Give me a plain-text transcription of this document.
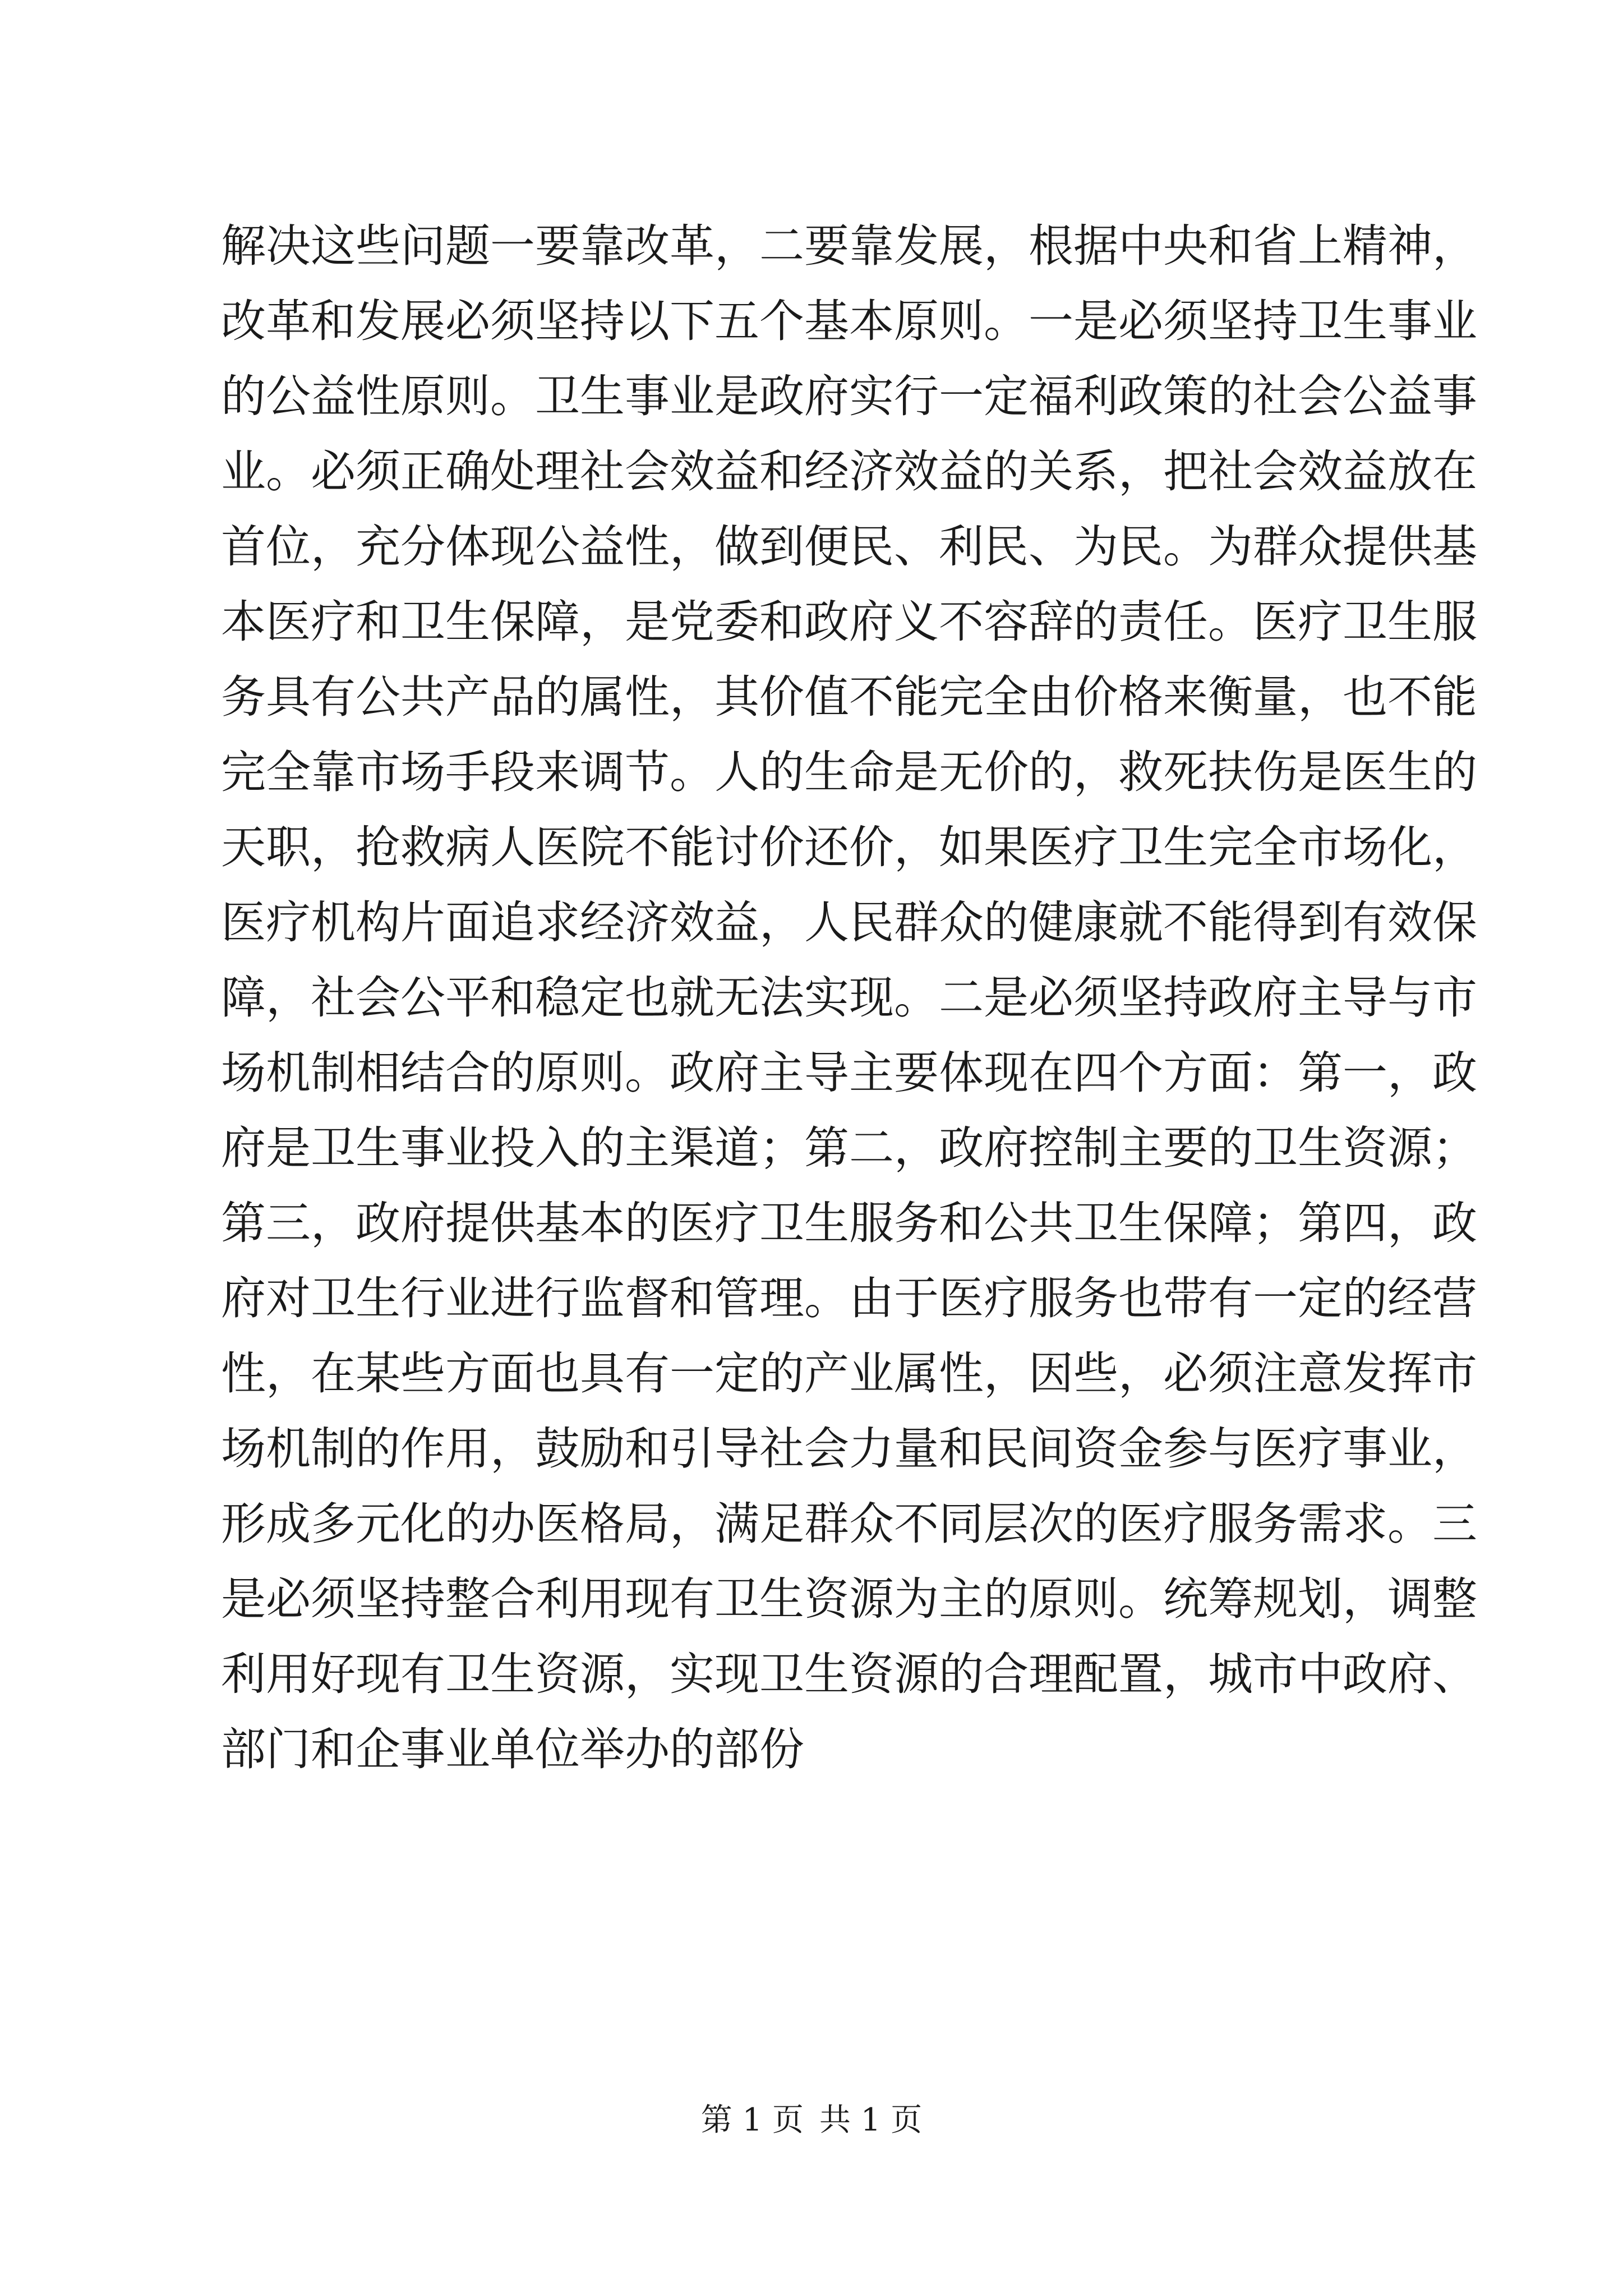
解决这些问题一要靠改革，二要靠发展，根据中央和省上精神，
改革和发展必须坚持以下五个基本原则。一是必须坚持卫生事业
的公益性原则。卫生事业是政府实行一定福利政策的社会公益事
业。必须正确处理社会效益和经济效益的关系，把社会效益放在
首位，充分体现公益性，做到便民、利民、为民。为群众提供基
本医疗和卫生保障，是党委和政府义不容辞的责任。医疗卫生服
务具有公共产品的属性，其价值不能完全由价格来衡量，也不能
完全靠市场手段来调节。人的生命是无价的，救死扶伤是医生的
天职，抢救病人医院不能讨价还价，如果医疗卫生完全市场化，
医疗机构片面追求经济效益，人民群众的健康就不能得到有效保
障，社会公平和稳定也就无法实现。二是必须坚持政府主导与市
场机制相结合的原则。政府主导主要体现在四个方面：第一，政
府是卫生事业投入的主渠道；第二，政府控制主要的卫生资源；
第三，政府提供基本的医疗卫生服务和公共卫生保障；第四，政
府对卫生行业进行监督和管理。由于医疗服务也带有一定的经营
性，在某些方面也具有一定的产业属性，因些，必须注意发挥市
场机制的作用，鼓励和引导社会力量和民间资金参与医疗事业，
形成多元化的办医格局，满足群众不同层次的医疗服务需求。三
是必须坚持整合利用现有卫生资源为主的原则。统筹规划，调整
利用好现有卫生资源，实现卫生资源的合理配置，城市中政府、
部门和企事业单位举办的部份
第 1 页 共 1 页
